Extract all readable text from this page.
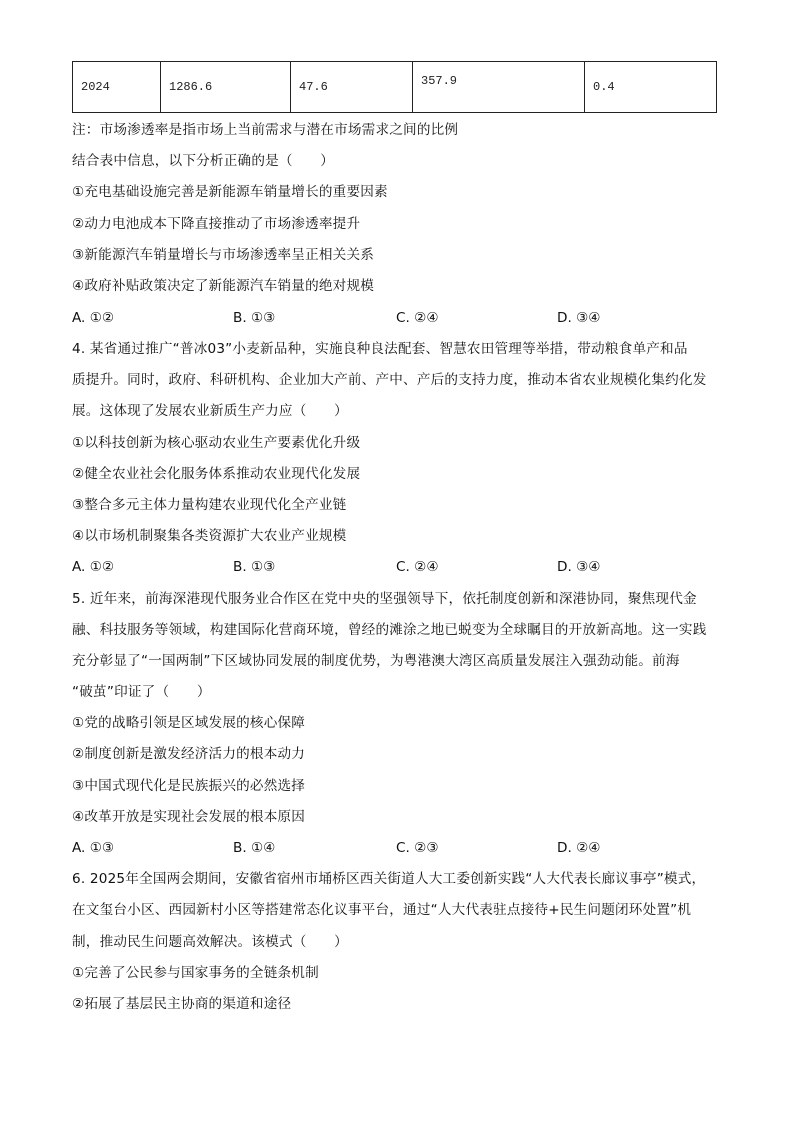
2024	1286.6	47.6	357.9	0.4
注：市场渗透率是指市场上当前需求与潜在市场需求之间的比例
结合表中信息，以下分析正确的是（　　）
①充电基础设施完善是新能源车销量增长的重要因素
②动力电池成本下降直接推动了市场渗透率提升
③新能源汽车销量增长与市场渗透率呈正相关关系
④政府补贴政策决定了新能源汽车销量的绝对规模
A. ①②	B. ①③	C. ②④	D. ③④
4. 某省通过推广“普冰03”小麦新品种，实施良种良法配套、智慧农田管理等举措，带动粮食单产和品
质提升。同时，政府、科研机构、企业加大产前、产中、产后的支持力度，推动本省农业规模化集约化发
展。这体现了发展农业新质生产力应（　　）
①以科技创新为核心驱动农业生产要素优化升级
②健全农业社会化服务体系推动农业现代化发展
③整合多元主体力量构建农业现代化全产业链
④以市场机制聚集各类资源扩大农业产业规模
A. ①②	B. ①③	C. ②④	D. ③④
5. 近年来，前海深港现代服务业合作区在党中央的坚强领导下，依托制度创新和深港协同，聚焦现代金
融、科技服务等领域，构建国际化营商环境，曾经的滩涂之地已蜕变为全球瞩目的开放新高地。这一实践
充分彰显了“一国两制”下区域协同发展的制度优势，为粤港澳大湾区高质量发展注入强劲动能。前海
“破茧”印证了（　　）
①党的战略引领是区域发展的核心保障
②制度创新是激发经济活力的根本动力
③中国式现代化是民族振兴的必然选择
④改革开放是实现社会发展的根本原因
A. ①③	B. ①④	C. ②③	D. ②④
6. 2025年全国两会期间，安徽省宿州市埇桥区西关街道人大工委创新实践“人大代表长廊议事亭”模式，
在文玺台小区、西园新村小区等搭建常态化议事平台，通过“人大代表驻点接待+民生问题闭环处置”机
制，推动民生问题高效解决。该模式（　　）
①完善了公民参与国家事务的全链条机制
②拓展了基层民主协商的渠道和途径
